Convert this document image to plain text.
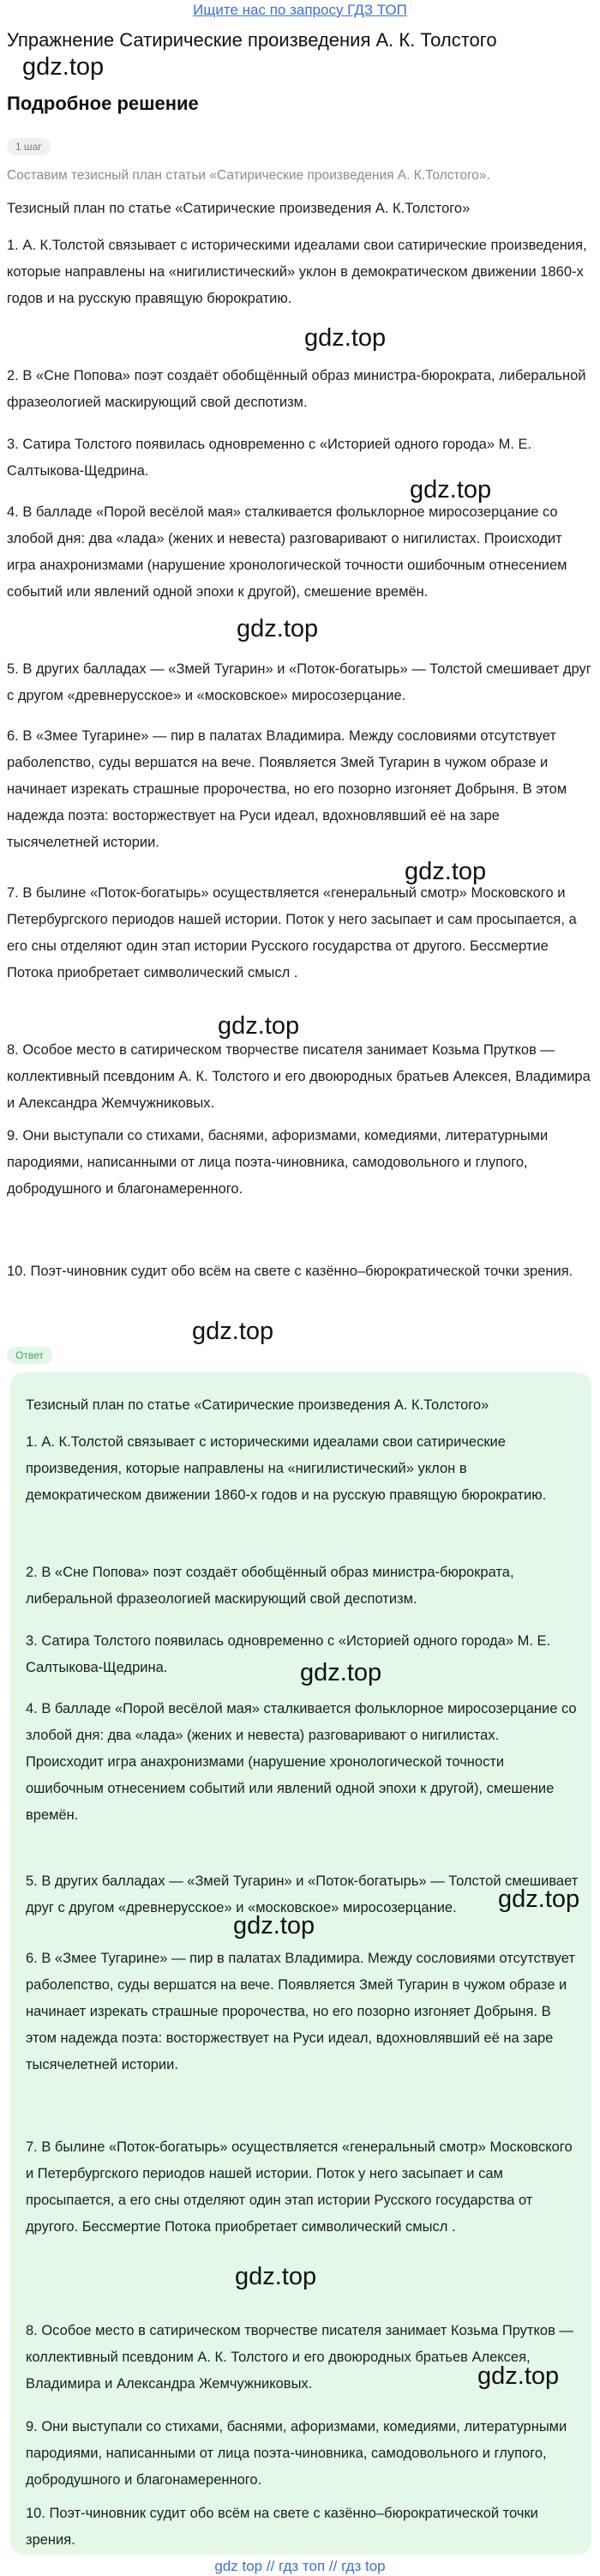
Ищите нас по запросу ГДЗ ТОП
Упражнение Сатирические произведения А. К. Толстого
gdz.top
Подробное решение
1 шаг
Составим тезисный план статьи «Сатирические произведения А. К.Толстого».

Тезисный план по статье «Сатирические произведения А. К.Толстого»

1. А. К.Толстой связывает с историческими идеалами свои сатирические произведения, которые направлены на «нигилистический» уклон в демократическом движении 1860-х годов и на русскую правящую бюрократию.

2. В «Сне Попова» поэт создаёт обобщённый образ министра-бюрократа, либеральной фразеологией маскирующий свой деспотизм.

3. Сатира Толстого появилась одновременно с «Историей одного города» М. Е. Салтыкова-Щедрина.

4. В балладе «Порой весёлой мая» сталкивается фольклорное миросозерцание со злобой дня: два «лада» (жених и невеста) разговаривают о нигилистах. Происходит игра анахронизмами (нарушение хронологической точности ошибочным отнесением событий или явлений одной эпохи к другой), смешение времён.

5. В других балладах — «Змей Тугарин» и «Поток-богатырь» — Толстой смешивает друг с другом «древнерусское» и «московское» миросозерцание.

6. В «Змее Тугарине» — пир в палатах Владимира. Между сословиями отсутствует раболепство, суды вершатся на вече. Появляется Змей Тугарин в чужом образе и начинает изрекать страшные пророчества, но его позорно изгоняет Добрыня. В этом надежда поэта: восторжествует на Руси идеал, вдохновлявший её на заре тысячелетней истории.

7. В былине «Поток-богатырь» осуществляется «генеральный смотр» Московского и Петербургского периодов нашей истории. Поток у него засыпает и сам просыпается, а его сны отделяют один этап истории Русского государства от другого. Бессмертие Потока приобретает символический смысл .

8. Особое место в сатирическом творчестве писателя занимает Козьма Прутков — коллективный псевдоним А. К. Толстого и его двоюродных братьев Алексея, Владимира и Александра Жемчужниковых.

9. Они выступали со стихами, баснями, афоризмами, комедиями, литературными пародиями, написанными от лица поэта-чиновника, самодовольного и глупого, добродушного и благонамеренного.

10. Поэт-чиновник судит обо всём на свете с казённо–бюрократической точки зрения.

gdz.top
gdz.top
gdz.top
gdz.top
gdz.top
gdz.top
Ответ

Тезисный план по статье «Сатирические произведения А. К.Толстого»

1. А. К.Толстой связывает с историческими идеалами свои сатирические произведения, которые направлены на «нигилистический» уклон в демократическом движении 1860-х годов и на русскую правящую бюрократию.

2. В «Сне Попова» поэт создаёт обобщённый образ министра-бюрократа, либеральной фразеологией маскирующий свой деспотизм.

3. Сатира Толстого появилась одновременно с «Историей одного города» М. Е. Салтыкова-Щедрина.

4. В балладе «Порой весёлой мая» сталкивается фольклорное миросозерцание со злобой дня: два «лада» (жених и невеста) разговаривают о нигилистах. Происходит игра анахронизмами (нарушение хронологической точности ошибочным отнесением событий или явлений одной эпохи к другой), смешение времён.

5. В других балладах — «Змей Тугарин» и «Поток-богатырь» — Толстой смешивает друг с другом «древнерусское» и «московское» миросозерцание.

6. В «Змее Тугарине» — пир в палатах Владимира. Между сословиями отсутствует раболепство, суды вершатся на вече. Появляется Змей Тугарин в чужом образе и начинает изрекать страшные пророчества, но его позорно изгоняет Добрыня. В этом надежда поэта: восторжествует на Руси идеал, вдохновлявший её на заре тысячелетней истории.

7. В былине «Поток-богатырь» осуществляется «генеральный смотр» Московского и Петербургского периодов нашей истории. Поток у него засыпает и сам просыпается, а его сны отделяют один этап истории Русского государства от другого. Бессмертие Потока приобретает символический смысл .

8. Особое место в сатирическом творчестве писателя занимает Козьма Прутков — коллективный псевдоним А. К. Толстого и его двоюродных братьев Алексея, Владимира и Александра Жемчужниковых.

9. Они выступали со стихами, баснями, афоризмами, комедиями, литературными пародиями, написанными от лица поэта-чиновника, самодовольного и глупого, добродушного и благонамеренного.

10. Поэт-чиновник судит обо всём на свете с казённо–бюрократической точки зрения.

gdz.top
gdz.top
gdz.top
gdz.top
gdz.top
gdz top // гдз топ // гдз top
